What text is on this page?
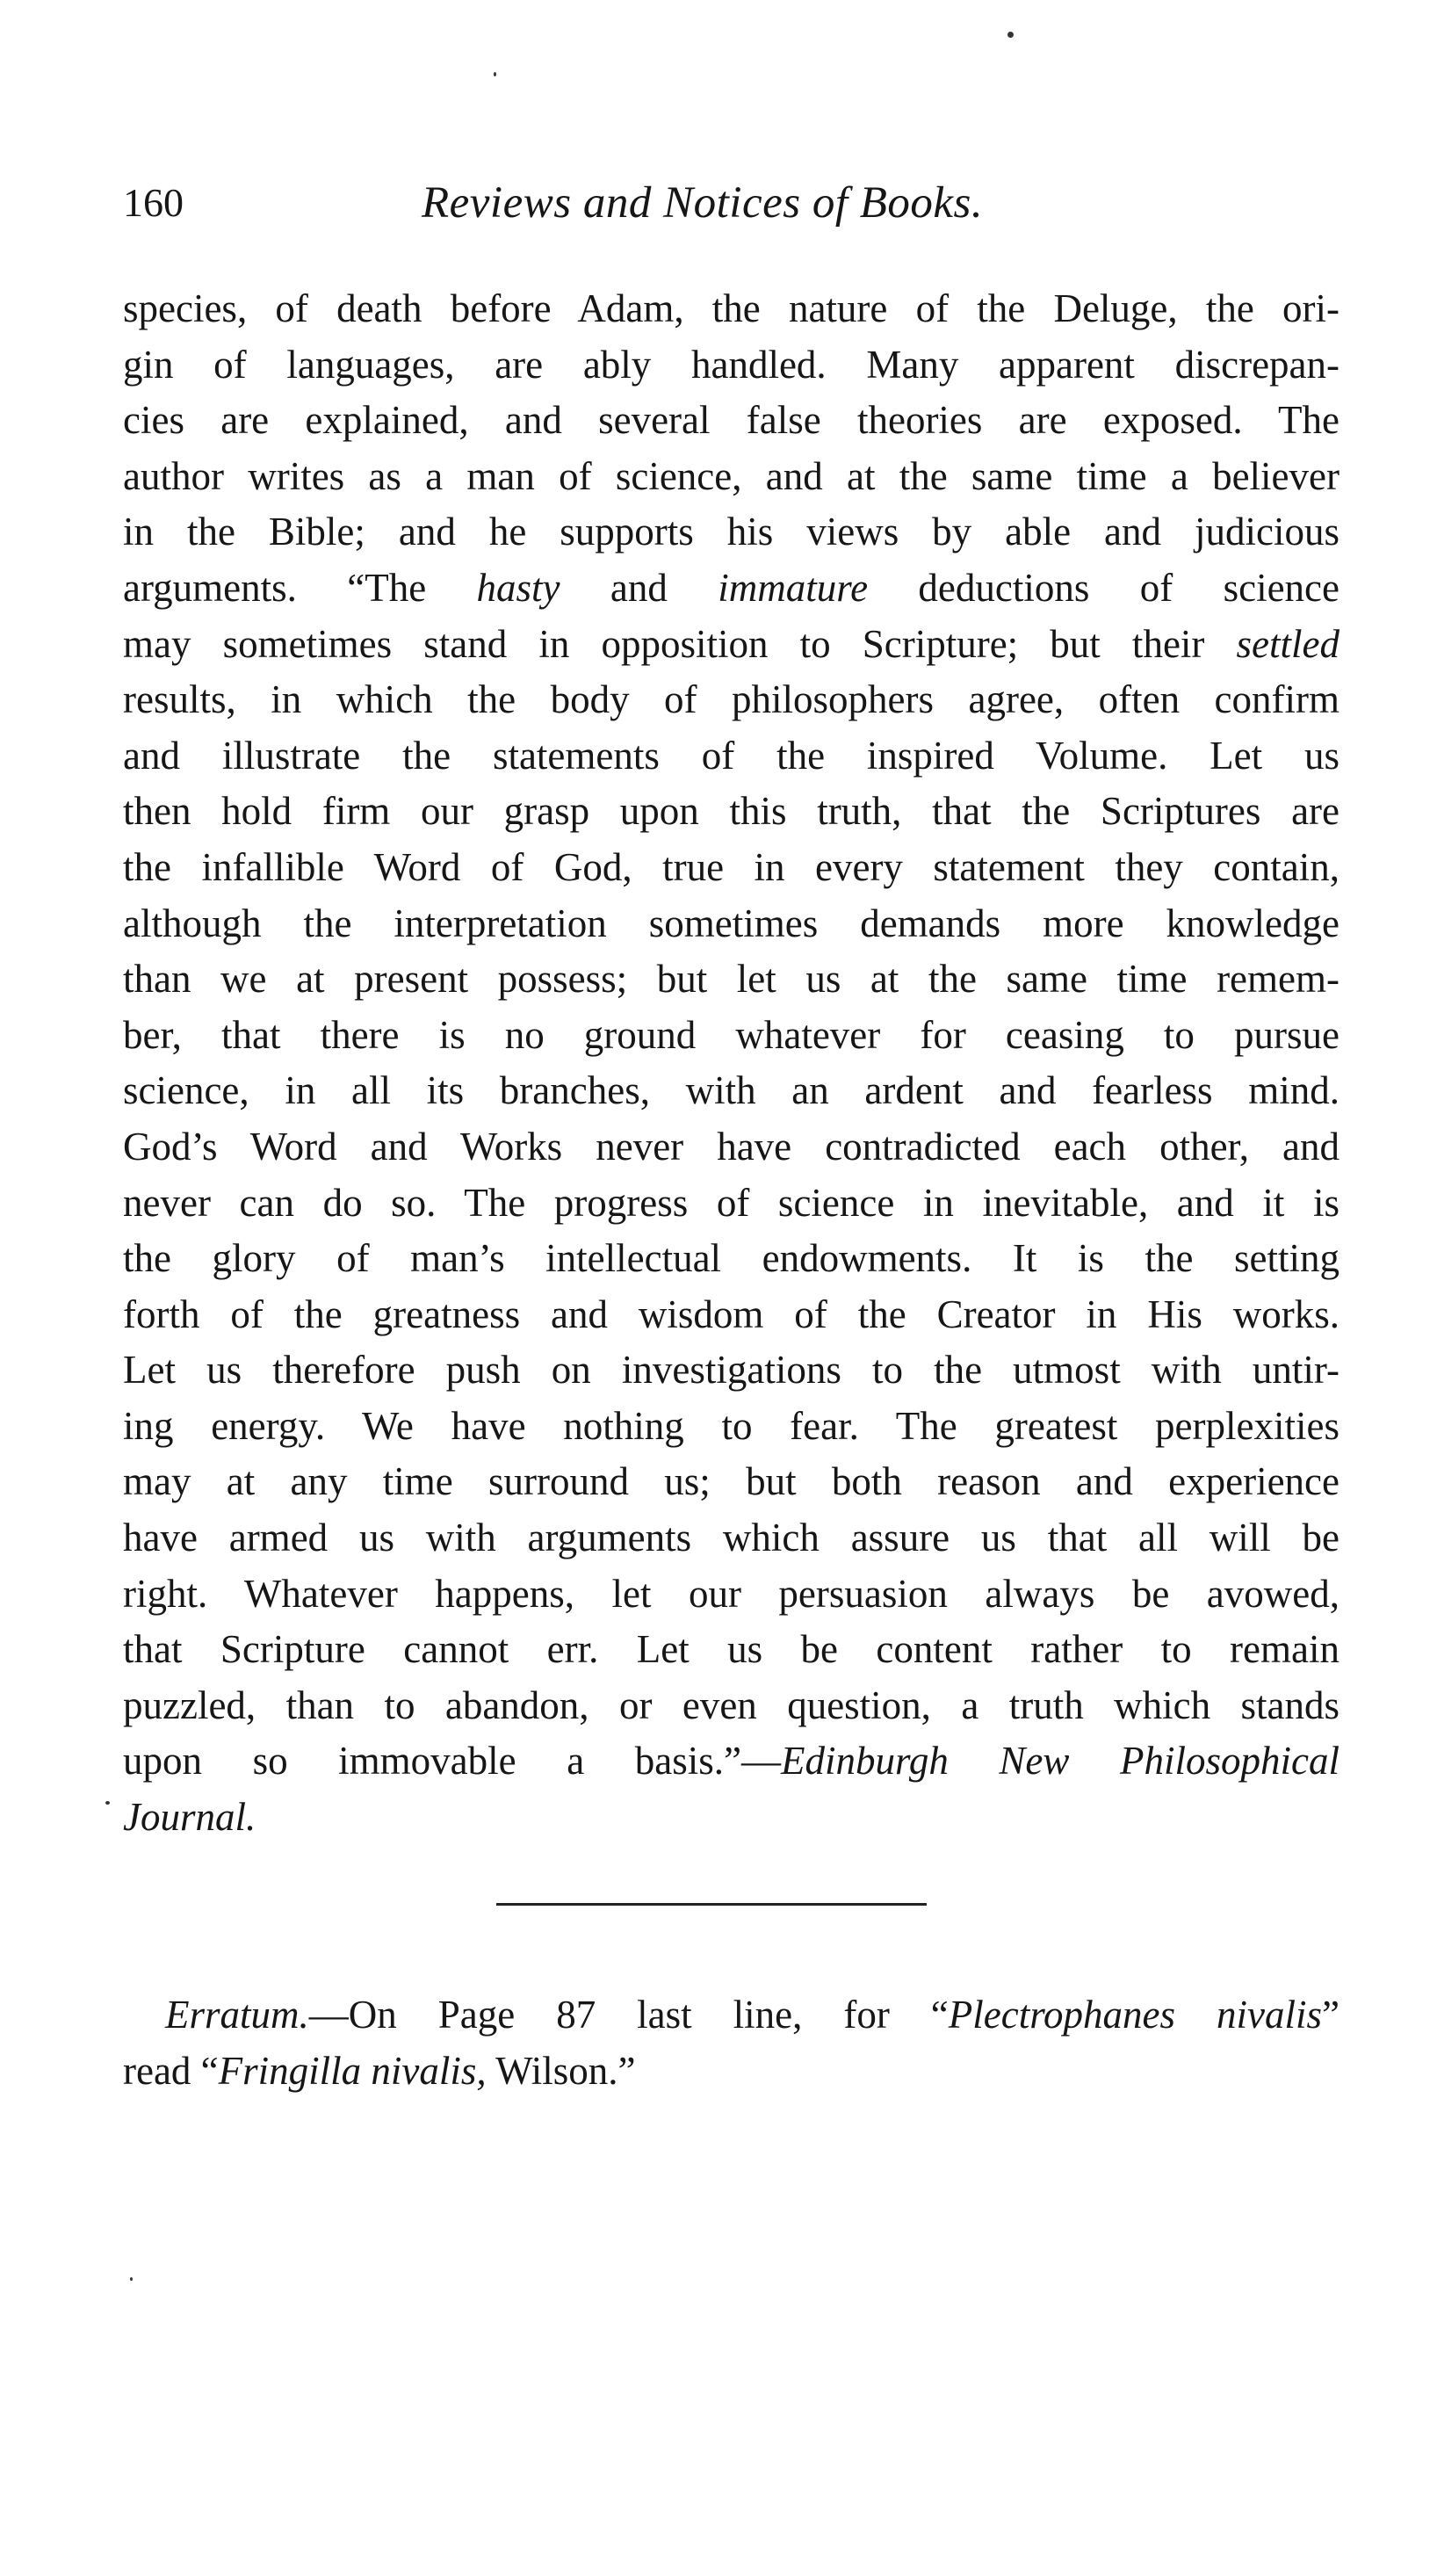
160	Reviews and Notices of Books.
species, of death before Adam, the nature of the Deluge, the ori-
gin of languages, are ably handled. Many apparent discrepan-
cies are explained, and several false theories are exposed. The
author writes as a man of science, and at the same time a believer
in the Bible; and he supports his views by able and judicious
arguments. “The hasty and immature deductions of science
may sometimes stand in opposition to Scripture; but their settled
results, in which the body of philosophers agree, often confirm
and illustrate the statements of the inspired Volume. Let us
then hold firm our grasp upon this truth, that the Scriptures are
the infallible Word of God, true in every statement they contain,
although the interpretation sometimes demands more knowledge
than we at present possess; but let us at the same time remem-
ber, that there is no ground whatever for ceasing to pursue
science, in all its branches, with an ardent and fearless mind.
God’s Word and Works never have contradicted each other, and
never can do so. The progress of science in inevitable, and it is
the glory of man’s intellectual endowments. It is the setting
forth of the greatness and wisdom of the Creator in His works.
Let us therefore push on investigations to the utmost with untir-
ing energy. We have nothing to fear. The greatest perplexities
may at any time surround us; but both reason and experience
have armed us with arguments which assure us that all will be
right. Whatever happens, let our persuasion always be avowed,
that Scripture cannot err. Let us be content rather to remain
puzzled, than to abandon, or even question, a truth which stands
upon so immovable a basis.”—Edinburgh New Philosophical
Journal.
Erratum.—On Page 87 last line, for “Plectrophanes nivalis”
read “Fringilla nivalis, Wilson.”
